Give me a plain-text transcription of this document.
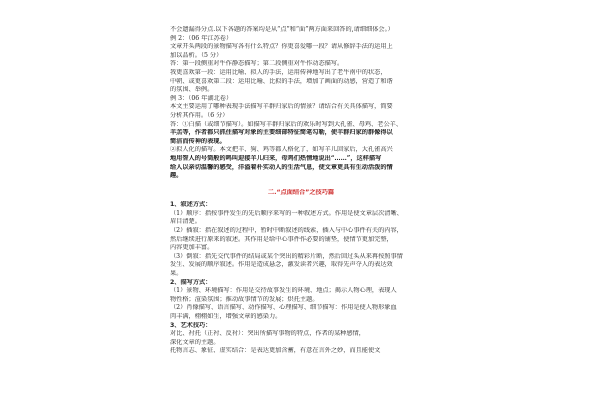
不会遗漏得分点.以下各题的答案均是从“点”和“面”两方面来回答的,请细细体会。）
例 2：（06 年江苏卷）
文章开头两段的景物描写各有什么特点？你更喜爱哪一段？请从修辞手法的运用上
加以品析。（5 分）
答：第一段侧重对牛作静态描写；第二段侧重对牛作动态描写。
我更喜欢第一段：运用比喻、拟人的手法，运用传神地写出了老牛南中的状态，
中朝、或更喜欢第二段：运用比喻、比拟的手法，增加了画面的动感，营造了和谐
的氛围、举例。
例 3：（06 年湖北卷）
本文主要运用了哪种表现手法描写羊群归家后的情景？请结合有关具体描写，简要
分析其作用。（6 分）
答：①白描（或细节描写）。如描写羊群归家后的欢乐时写到大孔雀、母鸡、老公羊、
羊羔等，作者都只抓住描写对象的主要细部特征简笔勾勒，使羊群归家的群像得以
简洁而传神的表现。
②拟人化的描写。本文把羊、狗、鸡等都人格化了，如写羊儿回家后，大孔雀高兴
地用智人的号筒般的鸣叫迎接羊儿归来，母鸡们热情地说出“……”，这样描写
给人以亲切温馨的感受，洋溢着朴实动人的生活气息，使文章更具有生动活泼的情
趣。
二.“点面结合”之技巧篇
1、叙述方式：
（1）顺序：指按事件发生的先后顺序来写的一种叙述方式。作用是使文章层次清晰、
眉目清楚。
（2）插叙：指在叙述的过程中，暂时中断叙述的线索，插入与中心事件有关的内容，
然后继续进行原来的叙述。其作用是给中心事件作必要的铺垫，使情节更加完整，
内容更加丰富。
（3）倒叙：指先交代事件的结局或某个突出的精彩片断，然后回过头从来再按照事情
发生、发展的顺序叙述。作用是造成悬念，激发读者兴趣，取得先声夺人的表达效
果。
2、描写方式：
（1）景物、环境描写：作用是交待故事发生的环境、地点；揭示人物心理，表现人
物性格；渲染氛围；推动故事情节的发展；烘托主题。
（2）肖像描写、语言描写、动作描写、心理描写、细节描写：作用是使人物形象血
肉丰满，栩栩如生，增强文章的感染力。
3、艺术技巧：
对比、衬托（正衬、反衬）：突出所描写事物的特点，作者的某种感情，
深化文章的主题。
托物言志、象征、虚实结合：是表达更加含蓄，有意在言外之妙，而且能使文
